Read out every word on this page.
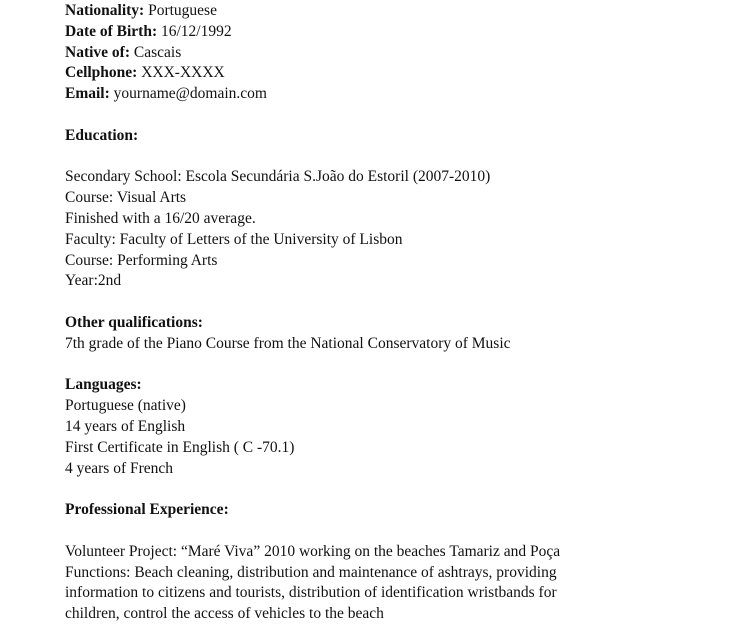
Nationality: Portuguese
Date of Birth: 16/12/1992
Native of: Cascais
Cellphone: XXX-XXXX
Email: yourname@domain.com
Education:
Secondary School: Escola Secundária S.João do Estoril (2007-2010)
Course: Visual Arts
Finished with a 16/20 average.
Faculty: Faculty of Letters of the University of Lisbon
Course: Performing Arts
Year:2nd
Other qualifications:
7th grade of the Piano Course from the National Conservatory of Music
Languages:
Portuguese (native)
14 years of English
First Certificate in English ( C -70.1)
4 years of French
Professional Experience:
Volunteer Project: “Maré Viva” 2010 working on the beaches Tamariz and Poça
Functions: Beach cleaning, distribution and maintenance of ashtrays, providing
information to citizens and tourists, distribution of identification wristbands for
children, control the access of vehicles to the beach
